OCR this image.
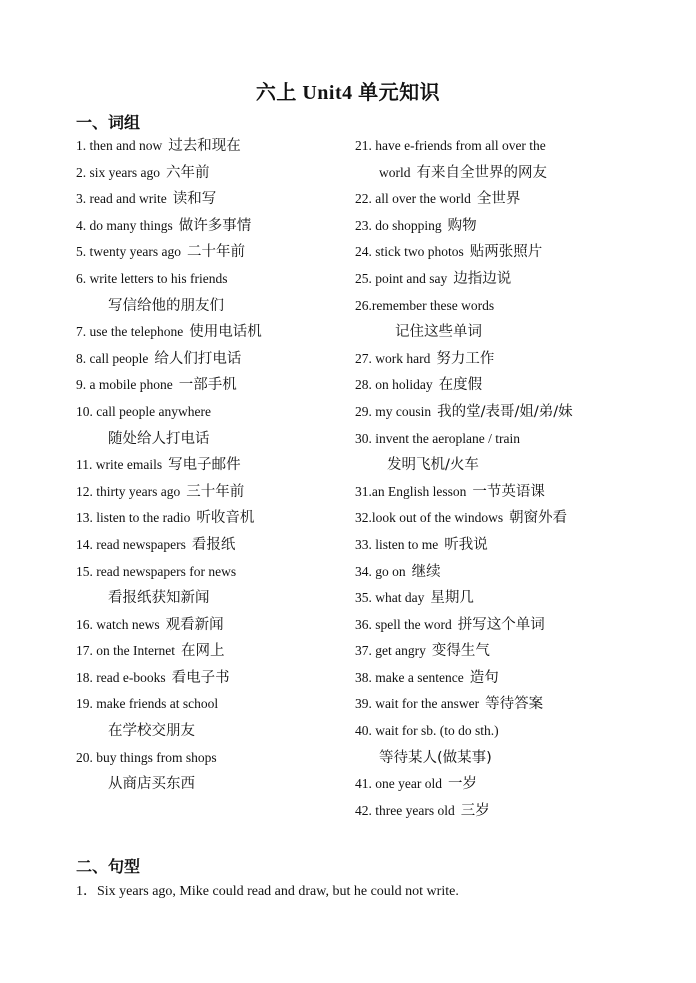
六上 Unit4 单元知识
一、词组
1. then and now 过去和现在
2. six years ago 六年前
3. read and write 读和写
4. do many things 做许多事情
5. twenty years ago 二十年前
6. write letters to his friends
写信给他的朋友们
7. use the telephone 使用电话机
8. call people 给人们打电话
9. a mobile phone 一部手机
10. call people anywhere
随处给人打电话
11. write emails 写电子邮件
12. thirty years ago 三十年前
13. listen to the radio 听收音机
14. read newspapers 看报纸
15. read newspapers for news
看报纸获知新闻
16. watch news 观看新闻
17. on the Internet 在网上
18. read e-books 看电子书
19. make friends at school
在学校交朋友
20. buy things from shops
从商店买东西
21. have e-friends from all over the
world 有来自全世界的网友
22. all over the world 全世界
23. do shopping 购物
24. stick two photos 贴两张照片
25. point and say 边指边说
26.remember these words
记住这些单词
27. work hard 努力工作
28. on holiday 在度假
29. my cousin 我的堂/表哥/姐/弟/妹
30. invent the aeroplane / train
发明飞机/火车
31.an English lesson 一节英语课
32.look out of the windows 朝窗外看
33. listen to me 听我说
34. go on 继续
35. what day 星期几
36. spell the word 拼写这个单词
37. get angry 变得生气
38. make a sentence 造句
39. wait for the answer 等待答案
40. wait for sb. (to do sth.)
等待某人(做某事)
41. one year old 一岁
42. three years old 三岁
二、句型
1．Six years ago, Mike could read and draw, but he could not write.
